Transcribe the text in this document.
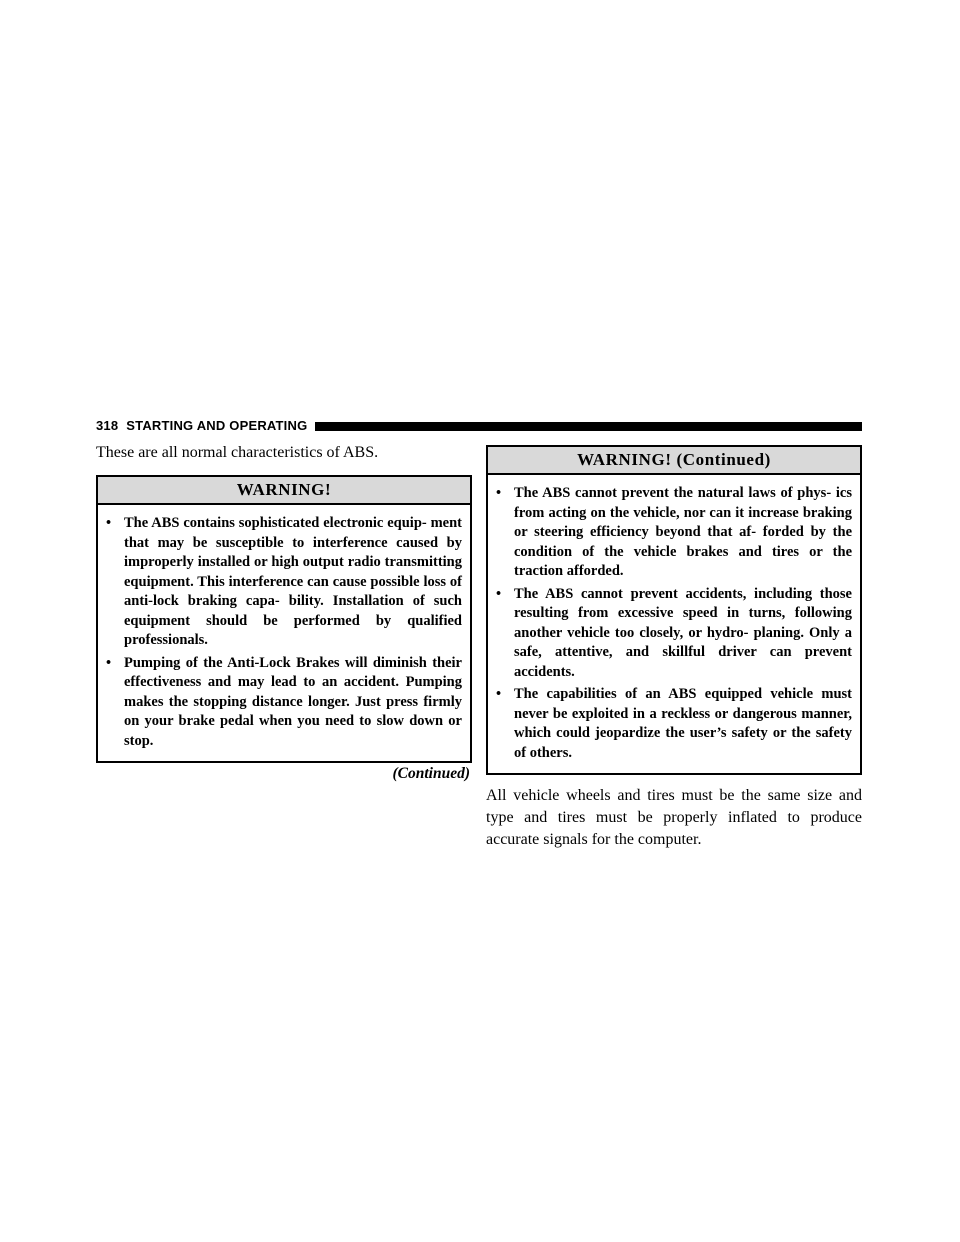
318 STARTING AND OPERATING

These are all normal characteristics of ABS.

WARNING!
• The ABS contains sophisticated electronic equip- ment that may be susceptible to interference caused by improperly installed or high output radio transmitting equipment. This interference can cause possible loss of anti-lock braking capa- bility. Installation of such equipment should be performed by qualified professionals.
• Pumping of the Anti-Lock Brakes will diminish their effectiveness and may lead to an accident. Pumping makes the stopping distance longer. Just press firmly on your brake pedal when you need to slow down or stop.

(Continued)

WARNING! (Continued)
• The ABS cannot prevent the natural laws of phys- ics from acting on the vehicle, nor can it increase braking or steering efficiency beyond that af- forded by the condition of the vehicle brakes and tires or the traction afforded.
• The ABS cannot prevent accidents, including those resulting from excessive speed in turns, following another vehicle too closely, or hydro- planing. Only a safe, attentive, and skillful driver can prevent accidents.
• The capabilities of an ABS equipped vehicle must never be exploited in a reckless or dangerous manner, which could jeopardize the user’s safety or the safety of others.

All vehicle wheels and tires must be the same size and type and tires must be properly inflated to produce accurate signals for the computer.
